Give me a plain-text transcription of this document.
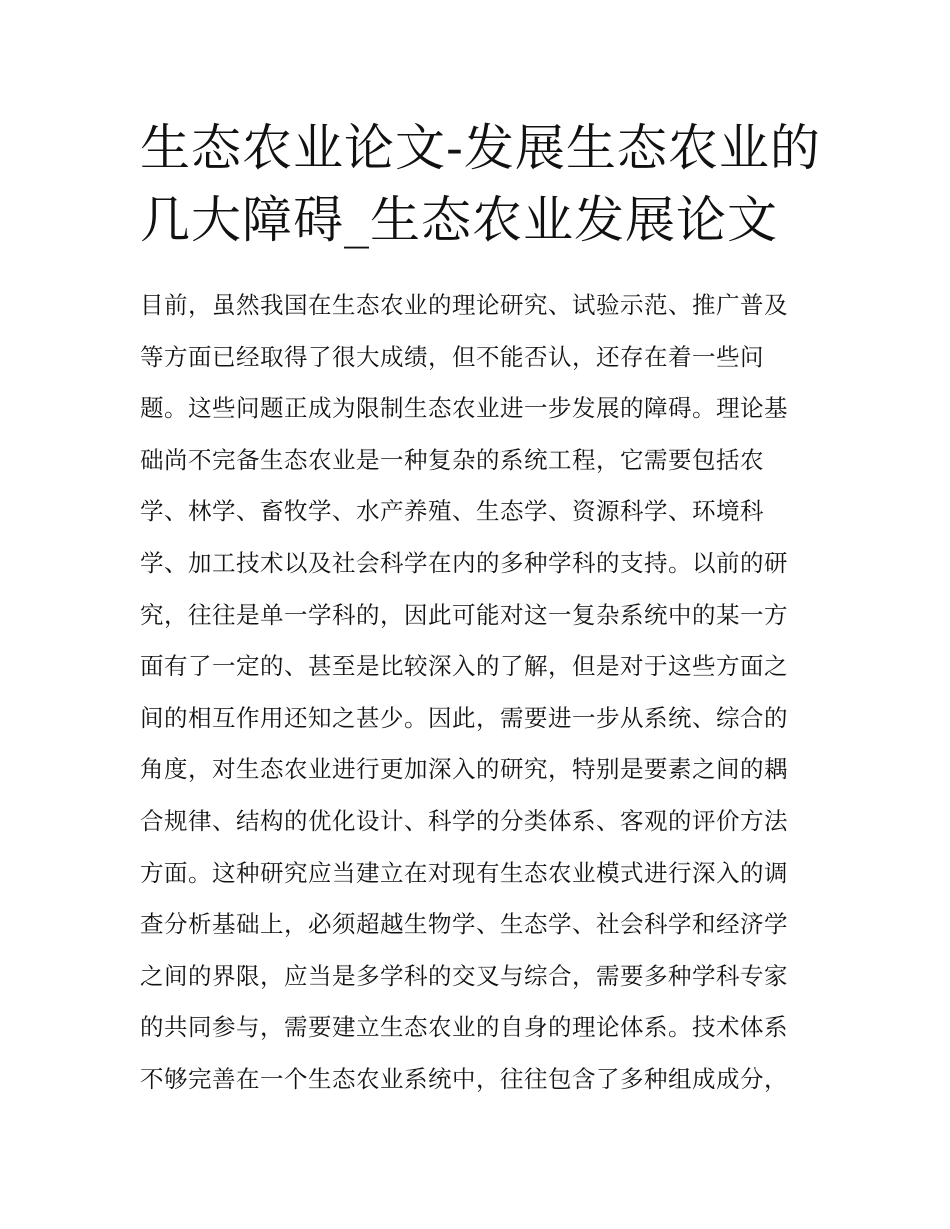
生态农业论文-发展生态农业的
几大障碍_生态农业发展论文
目前，虽然我国在生态农业的理论研究、试验示范、推广普及
等方面已经取得了很大成绩，但不能否认，还存在着一些问
题。这些问题正成为限制生态农业进一步发展的障碍。理论基
础尚不完备生态农业是一种复杂的系统工程，它需要包括农
学、林学、畜牧学、水产养殖、生态学、资源科学、环境科
学、加工技术以及社会科学在内的多种学科的支持。以前的研
究，往往是单一学科的，因此可能对这一复杂系统中的某一方
面有了一定的、甚至是比较深入的了解，但是对于这些方面之
间的相互作用还知之甚少。因此，需要进一步从系统、综合的
角度，对生态农业进行更加深入的研究，特别是要素之间的耦
合规律、结构的优化设计、科学的分类体系、客观的评价方法
方面。这种研究应当建立在对现有生态农业模式进行深入的调
查分析基础上，必须超越生物学、生态学、社会科学和经济学
之间的界限，应当是多学科的交叉与综合，需要多种学科专家
的共同参与，需要建立生态农业的自身的理论体系。技术体系
不够完善在一个生态农业系统中，往往包含了多种组成成分，
